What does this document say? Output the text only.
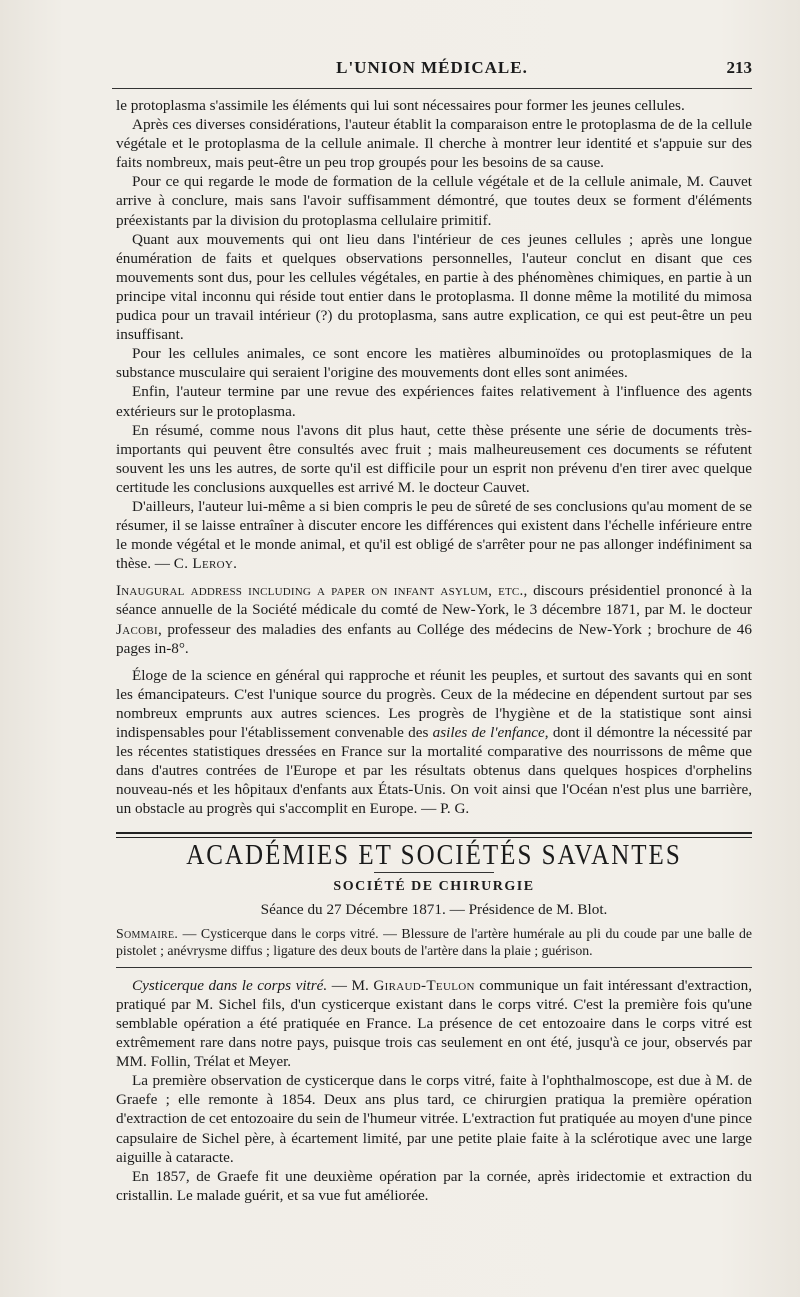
L'UNION MÉDICALE.	213

le protoplasma s'assimile les éléments qui lui sont nécessaires pour former les jeunes cellules.

Après ces diverses considérations, l'auteur établit la comparaison entre le protoplasma de de la cellule végétale et le protoplasma de la cellule animale. Il cherche à montrer leur identité et s'appuie sur des faits nombreux, mais peut-être un peu trop groupés pour les besoins de sa cause.

Pour ce qui regarde le mode de formation de la cellule végétale et de la cellule animale, M. Cauvet arrive à conclure, mais sans l'avoir suffisamment démontré, que toutes deux se forment d'éléments préexistants par la division du protoplasma cellulaire primitif.

Quant aux mouvements qui ont lieu dans l'intérieur de ces jeunes cellules ; après une longue énumération de faits et quelques observations personnelles, l'auteur conclut en disant que ces mouvements sont dus, pour les cellules végétales, en partie à des phénomènes chimiques, en partie à un principe vital inconnu qui réside tout entier dans le protoplasma. Il donne même la motilité du mimosa pudica pour un travail intérieur (?) du protoplasma, sans autre explication, ce qui est peut-être un peu insuffisant.

Pour les cellules animales, ce sont encore les matières albuminoïdes ou protoplasmiques de la substance musculaire qui seraient l'origine des mouvements dont elles sont animées.

Enfin, l'auteur termine par une revue des expériences faites relativement à l'influence des agents extérieurs sur le protoplasma.

En résumé, comme nous l'avons dit plus haut, cette thèse présente une série de documents très-importants qui peuvent être consultés avec fruit ; mais malheureusement ces documents se réfutent souvent les uns les autres, de sorte qu'il est difficile pour un esprit non prévenu d'en tirer avec quelque certitude les conclusions auxquelles est arrivé M. le docteur Cauvet.

D'ailleurs, l'auteur lui-même a si bien compris le peu de sûreté de ses conclusions qu'au moment de se résumer, il se laisse entraîner à discuter encore les différences qui existent dans l'échelle inférieure entre le monde végétal et le monde animal, et qu'il est obligé de s'arrêter pour ne pas allonger indéfiniment sa thèse. — C. Leroy.

Inaugural address including a paper on infant asylum, etc., discours présidentiel prononcé à la séance annuelle de la Société médicale du comté de New-York, le 3 décembre 1871, par M. le docteur Jacobi, professeur des maladies des enfants au Collége des médecins de New-York ; brochure de 46 pages in-8°.

Éloge de la science en général qui rapproche et réunit les peuples, et surtout des savants qui en sont les émancipateurs. C'est l'unique source du progrès. Ceux de la médecine en dépendent surtout par ses nombreux emprunts aux autres sciences. Les progrès de l'hygiène et de la statistique sont ainsi indispensables pour l'établissement convenable des asiles de l'enfance, dont il démontre la nécessité par les récentes statistiques dressées en France sur la mortalité comparative des nourrissons de même que dans d'autres contrées de l'Europe et par les résultats obtenus dans quelques hospices d'orphelins nouveau-nés et les hôpitaux d'enfants aux États-Unis. On voit ainsi que l'Océan n'est plus une barrière, un obstacle au progrès qui s'accomplit en Europe. — P. G.

ACADÉMIES ET SOCIÉTÉS SAVANTES
SOCIÉTÉ DE CHIRURGIE
Séance du 27 Décembre 1871. — Présidence de M. Blot.

Sommaire. — Cysticerque dans le corps vitré. — Blessure de l'artère humérale au pli du coude par une balle de pistolet ; anévrysme diffus ; ligature des deux bouts de l'artère dans la plaie ; guérison.

Cysticerque dans le corps vitré. — M. Giraud-Teulon communique un fait intéressant d'extraction, pratiqué par M. Sichel fils, d'un cysticerque existant dans le corps vitré. C'est la première fois qu'une semblable opération a été pratiquée en France. La présence de cet entozoaire dans le corps vitré est extrêmement rare dans notre pays, puisque trois cas seulement en ont été, jusqu'à ce jour, observés par MM. Follin, Trélat et Meyer.

La première observation de cysticerque dans le corps vitré, faite à l'ophthalmoscope, est due à M. de Graefe ; elle remonte à 1854. Deux ans plus tard, ce chirurgien pratiqua la première opération d'extraction de cet entozoaire du sein de l'humeur vitrée. L'extraction fut pratiquée au moyen d'une pince capsulaire de Sichel père, à écartement limité, par une petite plaie faite à la sclérotique avec une large aiguille à cataracte.

En 1857, de Graefe fit une deuxième opération par la cornée, après iridectomie et extraction du cristallin. Le malade guérit, et sa vue fut améliorée.
